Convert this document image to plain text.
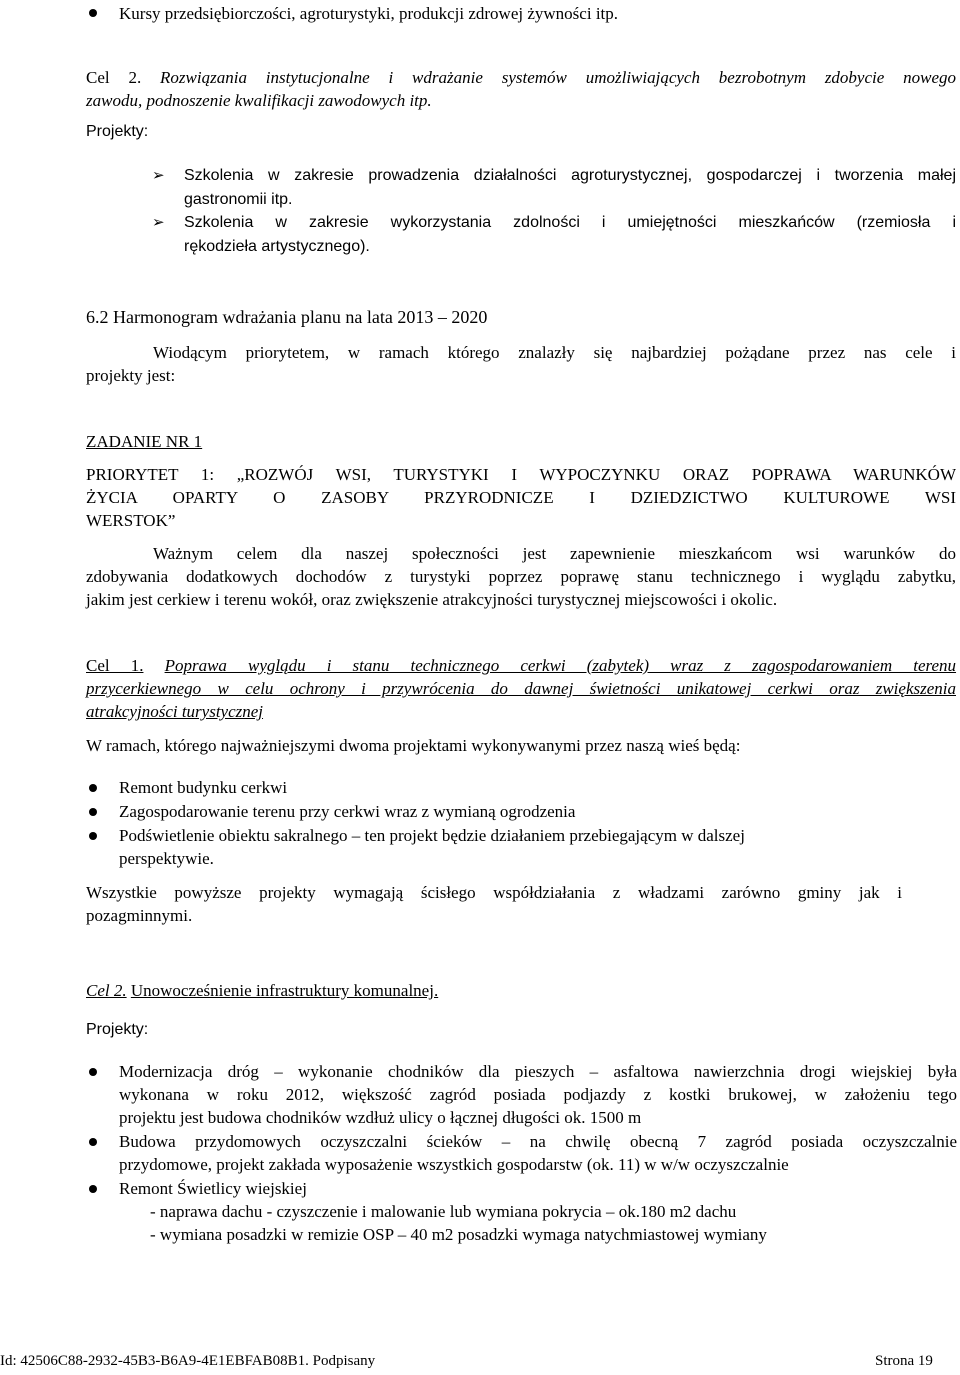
Kursy przedsiębiorczości, agroturystyki, produkcji zdrowej żywności itp.

Cel 2. Rozwiązania instytucjonalne i wdrażanie systemów umożliwiających bezrobotnym zdobycie nowego

zawodu, podnoszenie kwalifikacji zawodowych itp.

Projekty:

➢ Szkolenia w zakresie prowadzenia działalności agroturystycznej, gospodarczej i tworzenia małej

gastronomii itp.

➢ Szkolenia w zakresie wykorzystania zdolności i umiejętności mieszkańców (rzemiosła i

rękodzieła artystycznego).

6.2 Harmonogram wdrażania planu na lata 2013 – 2020

Wiodącym priorytetem, w ramach którego znalazły się najbardziej pożądane przez nas cele i

projekty jest:

ZADANIE NR 1

PRIORYTET 1: „ROZWÓJ WSI, TURYSTYKI I WYPOCZYNKU ORAZ POPRAWA WARUNKÓW

ŻYCIA OPARTY O ZASOBY PRZYRODNICZE I DZIEDZICTWO KULTUROWE WSI

WERSTOK”

Ważnym celem dla naszej społeczności jest zapewnienie mieszkańcom wsi warunków do

zdobywania dodatkowych dochodów z turystyki poprzez poprawę stanu technicznego i wyglądu zabytku,

jakim jest cerkiew i terenu wokół, oraz zwiększenie atrakcyjności turystycznej miejscowości i okolic.

Cel 1. Poprawa wyglądu i stanu technicznego cerkwi (zabytek) wraz z zagospodarowaniem terenu

przycerkiewnego w celu ochrony i przywrócenia do dawnej świetności unikatowej cerkwi oraz zwiększenia

atrakcyjności turystycznej

W ramach, którego najważniejszymi dwoma projektami wykonywanymi przez naszą wieś będą:

Remont budynku cerkwi

Zagospodarowanie terenu przy cerkwi wraz z wymianą ogrodzenia

Podświetlenie obiektu sakralnego – ten projekt będzie działaniem przebiegającym w dalszej

perspektywie.

Wszystkie powyższe projekty wymagają ścisłego współdziałania z władzami zarówno gminy jak i

pozagminnymi.

Cel 2. Unowocześnienie infrastruktury komunalnej.

Projekty:

Modernizacja dróg – wykonanie chodników dla pieszych – asfaltowa nawierzchnia drogi wiejskiej była

wykonana w roku 2012, większość zagród posiada podjazdy z kostki brukowej, w założeniu tego

projektu jest budowa chodników wzdłuż ulicy o łącznej długości ok. 1500 m

Budowa przydomowych oczyszczalni ścieków – na chwilę obecną 7 zagród posiada oczyszczalnie

przydomowe, projekt zakłada wyposażenie wszystkich gospodarstw (ok. 11) w w/w oczyszczalnie

Remont Świetlicy wiejskiej

- naprawa dachu - czyszczenie i malowanie lub wymiana pokrycia – ok.180 m2 dachu

- wymiana posadzki w remizie OSP – 40 m2 posadzki wymaga natychmiastowej wymiany

Id: 42506C88-2932-45B3-B6A9-4E1EBFAB08B1. Podpisany	Strona 19
